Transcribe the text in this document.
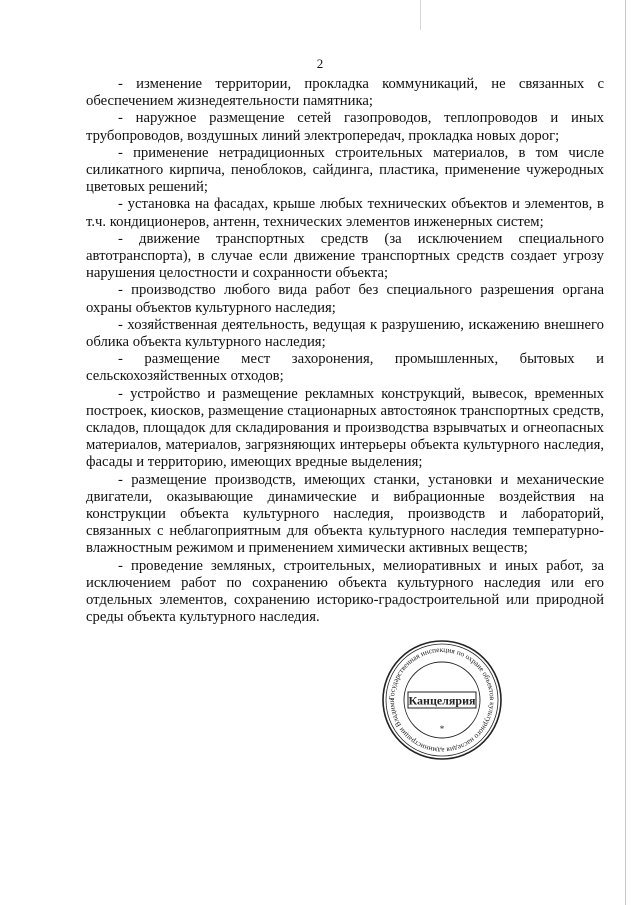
2

- изменение территории, прокладка коммуникаций, не связанных с обеспечением жизнедеятельности памятника;

- наружное размещение сетей газопроводов, теплопроводов и иных трубопроводов, воздушных линий электропередач, прокладка новых дорог;

- применение нетрадиционных строительных материалов, в том числе силикатного кирпича, пеноблоков, сайдинга, пластика, применение чужеродных цветовых решений;

- установка на фасадах, крыше любых технических объектов и элементов, в т.ч. кондиционеров, антенн, технических элементов инженерных систем;

- движение транспортных средств (за исключением специального автотранспорта), в случае если движение транспортных средств создает угрозу нарушения целостности и сохранности объекта;

- производство любого вида работ без специального разрешения органа охраны объектов культурного наследия;

- хозяйственная деятельность, ведущая к разрушению, искажению внешнего облика объекта культурного наследия;

- размещение мест захоронения, промышленных, бытовых и сельскохозяйственных отходов;

- устройство и размещение рекламных конструкций, вывесок, временных построек, киосков, размещение стационарных автостоянок транспортных средств, складов, площадок для складирования и производства взрывчатых и огнеопасных материалов, материалов, загрязняющих интерьеры объекта культурного наследия, фасады и территорию, имеющих вредные выделения;

- размещение производств, имеющих станки, установки и механические двигатели, оказывающие динамические и вибрационные воздействия на конструкции объекта культурного наследия, производств и лабораторий, связанных с неблагоприятным для объекта культурного наследия температурно-влажностным режимом и применением химически активных веществ;

- проведение земляных, строительных, мелиоративных и иных работ, за исключением работ по сохранению объекта культурного наследия или его отдельных элементов, сохранению историко-градостроительной или природной среды объекта культурного наследия.

Государственная инспекция по охране объектов культурного наследия администрации Владими	Канцелярия
*
